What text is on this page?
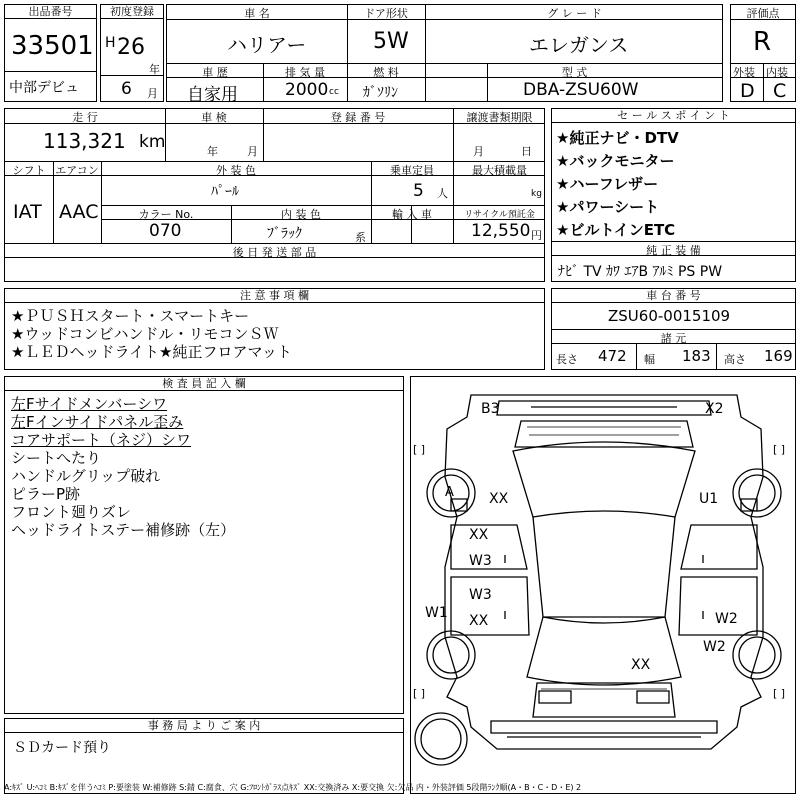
出品番号
33501
中部デビュ
初度登録
H 26
年
6 月
車 名
ハリアー
ドア形状
5W
グ レ ー ド
エレガンス
車 歴
自家用
排 気 量
2000 cc
燃 料
ｶﾞｿﾘﾝ
型 式
DBA-ZSU60W
評価点
R
外装 内装
D C
走 行
113,321 km
車 検
年	月
登 録 番 号	譲渡書類期限
月	日
シフト
IAT
エアコン
AAC
外 装 色
ﾊﾟｰﾙ
乗車定員
5 人
最大積載量
kg
カラー No.
070
内 装 色
ﾌﾞﾗｯｸ	系
輸 入 車	リサイクル預託金
12,550 円
後 日 発 送 部 品
セ ー ル ス ポ イ ン ト
★純正ナビ・DTV
★バックモニター
★ハーフレザー
★パワーシート
★ビルトインETC
純 正 装 備
ﾅﾋﾞ TV ｶﾜ ｴｱB ｱﾙﾐ PS PW
注 意 事 項 欄
★ＰＵＳＨスタート・スマートキー
★ウッドコンビハンドル・リモコンＳＷ
★ＬＥＤヘッドライト★純正フロアマット
車 台 番 号
ZSU60-0015109
諸 元
長さ 472 幅 183 高さ 169
検 査 員 記 入 欄
左Fサイドメンバーシワ
左Fインサイドパネル歪み
コアサポート（ネジ）シワ
シートへたり
ハンドルグリップ破れ
ピラーP跡
フロント廻りズレ
ヘッドライトステー補修跡（左）
B3	X2
[ ]	[ ]
A	XX	U1
XX
W3
W3
XX
[ ]	[ ]
W1	W2
W2
XX
事 務 局 よ り ご 案 内
ＳＤカード預り
A:ｷｽﾞ U:ﾍｺﾐ B:ｷｽﾞを伴うﾍｺﾐ P:要塗装 W:補修跡 S:錆 C:腐食、穴 G:ﾌﾛﾝﾄｶﾞﾗｽ点ｷｽﾞ XX:交換済み X:要交換 欠:欠品 内・外装評価 5段階ﾗﾝｸ順(A・B・C・D・E) 2
